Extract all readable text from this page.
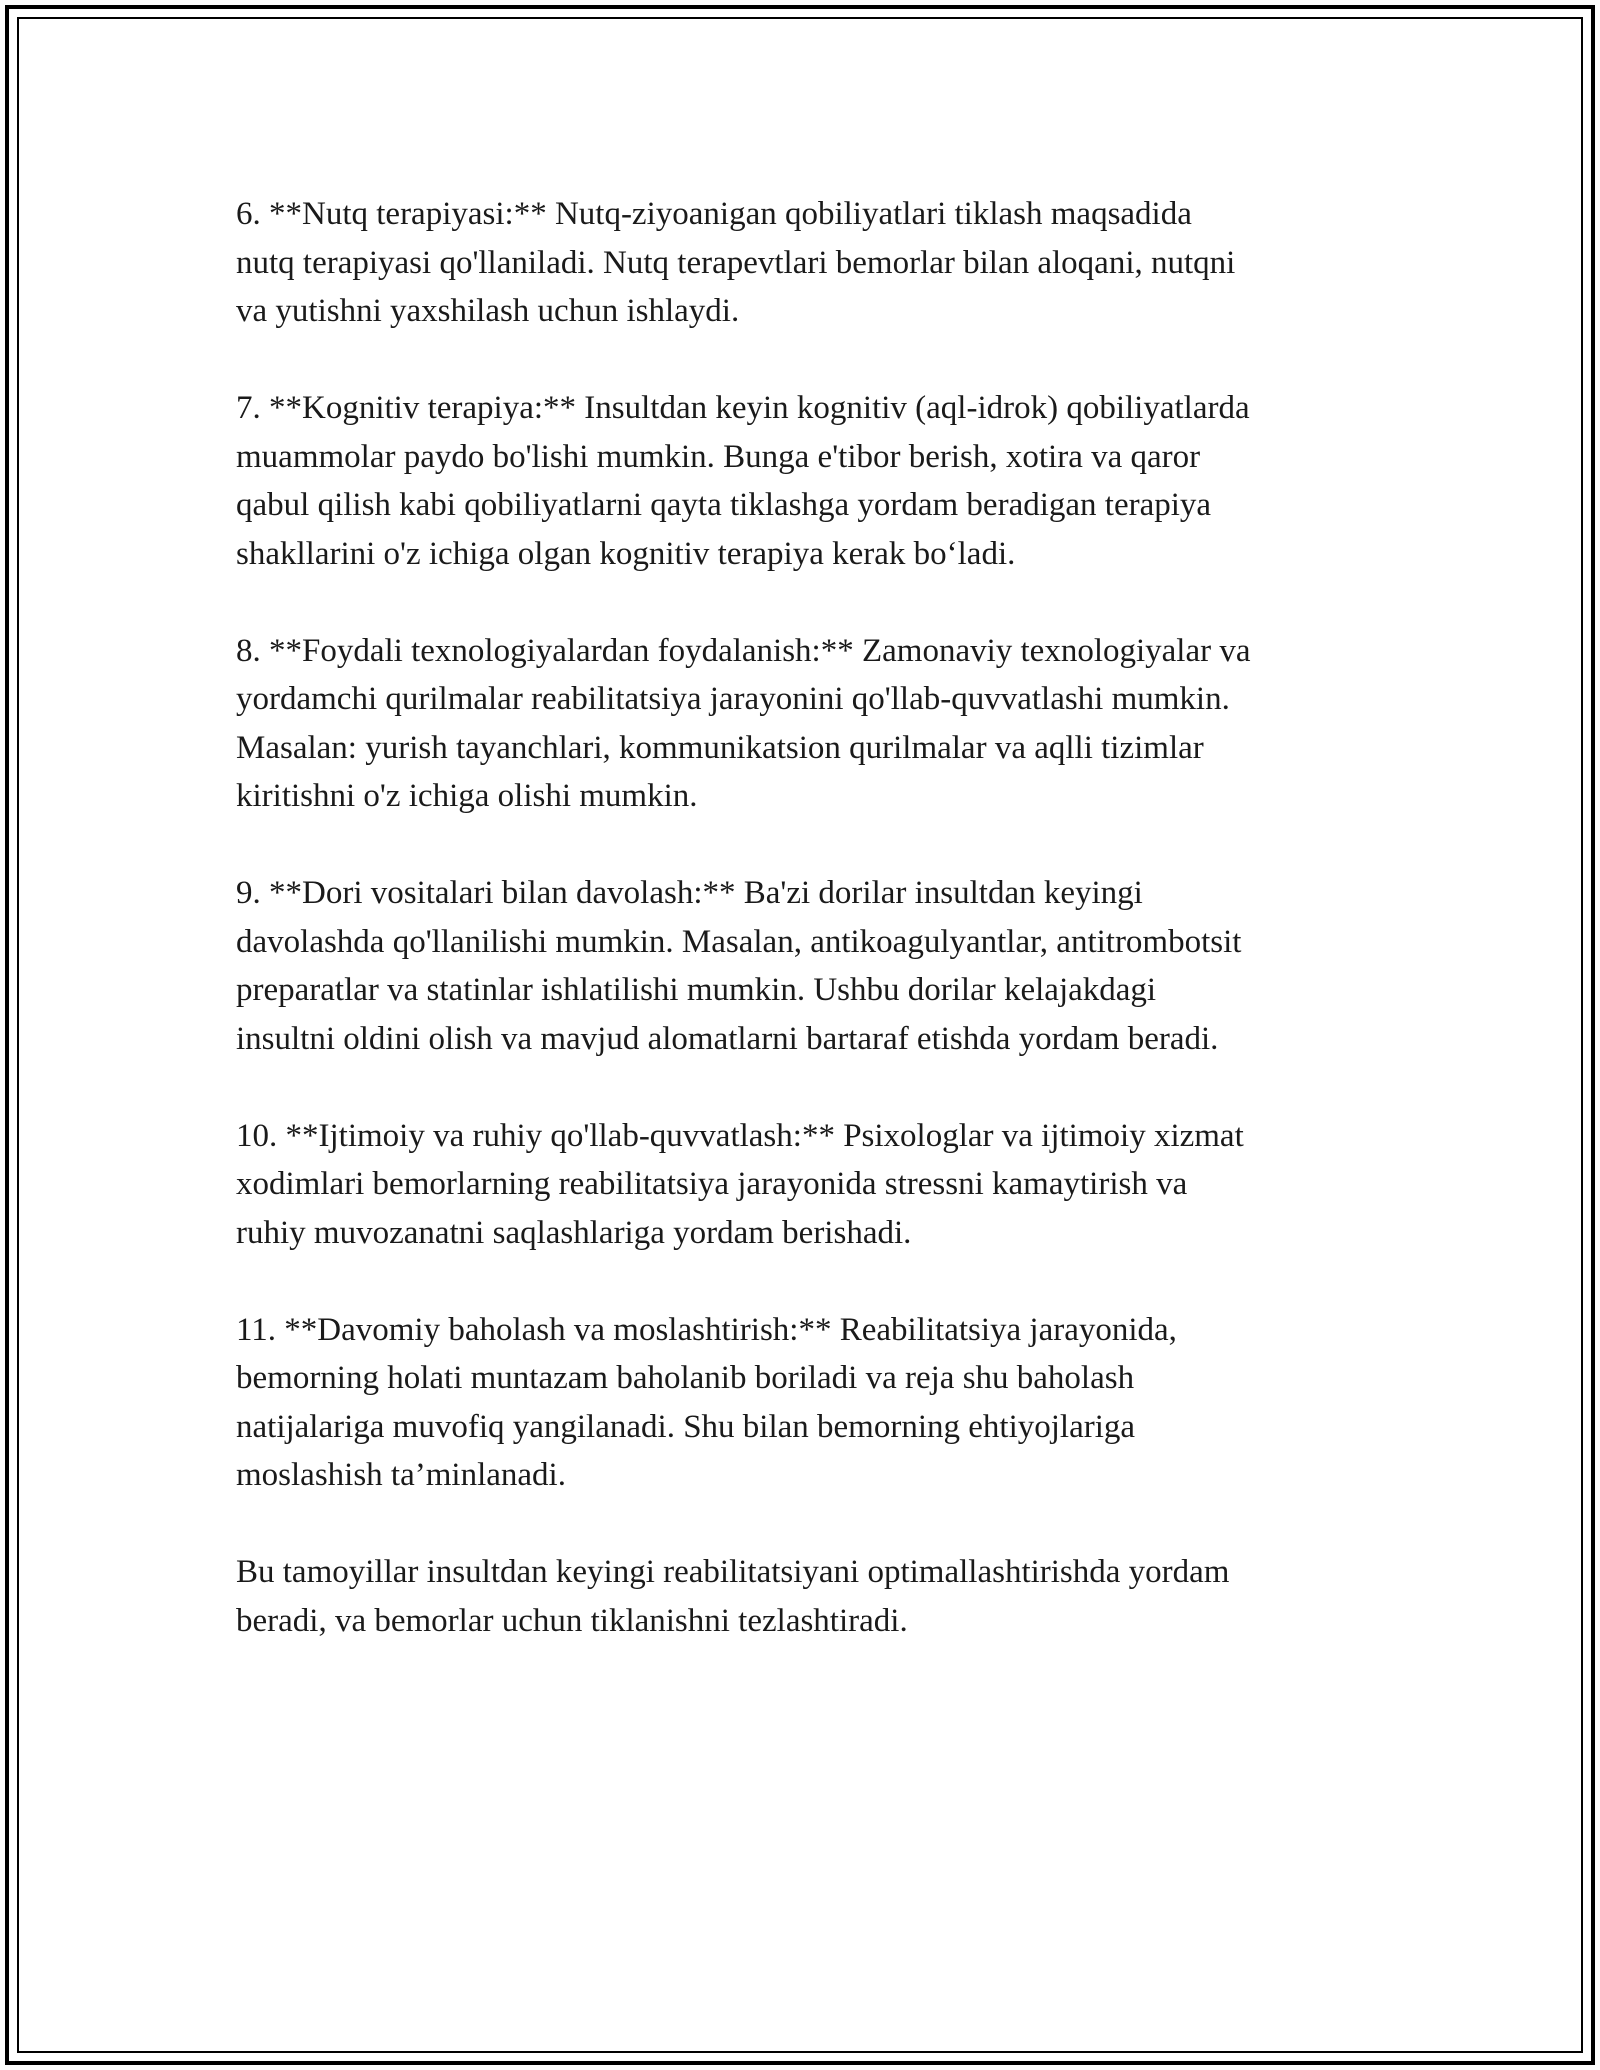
6. **Nutq terapiyasi:** Nutq-ziyoanigan qobiliyatlari tiklash maqsadida
nutq terapiyasi qo'llaniladi. Nutq terapevtlari bemorlar bilan aloqani, nutqni
va yutishni yaxshilash uchun ishlaydi.

7. **Kognitiv terapiya:** Insultdan keyin kognitiv (aql-idrok) qobiliyatlarda
muammolar paydo bo'lishi mumkin. Bunga e'tibor berish, xotira va qaror
qabul qilish kabi qobiliyatlarni qayta tiklashga yordam beradigan terapiya
shakllarini o'z ichiga olgan kognitiv terapiya kerak bo‘ladi.

8. **Foydali texnologiyalardan foydalanish:** Zamonaviy texnologiyalar va
yordamchi qurilmalar reabilitatsiya jarayonini qo'llab-quvvatlashi mumkin.
Masalan: yurish tayanchlari, kommunikatsion qurilmalar va aqlli tizimlar
kiritishni o'z ichiga olishi mumkin.

9. **Dori vositalari bilan davolash:** Ba'zi dorilar insultdan keyingi
davolashda qo'llanilishi mumkin. Masalan, antikoagulyantlar, antitrombotsit
preparatlar va statinlar ishlatilishi mumkin. Ushbu dorilar kelajakdagi
insultni oldini olish va mavjud alomatlarni bartaraf etishda yordam beradi.

10. **Ijtimoiy va ruhiy qo'llab-quvvatlash:** Psixologlar va ijtimoiy xizmat
xodimlari bemorlarning reabilitatsiya jarayonida stressni kamaytirish va
ruhiy muvozanatni saqlashlariga yordam berishadi.

11. **Davomiy baholash va moslashtirish:** Reabilitatsiya jarayonida,
bemorning holati muntazam baholanib boriladi va reja shu baholash
natijalariga muvofiq yangilanadi. Shu bilan bemorning ehtiyojlariga
moslashish ta’minlanadi.

Bu tamoyillar insultdan keyingi reabilitatsiyani optimallashtirishda yordam
beradi, va bemorlar uchun tiklanishni tezlashtiradi.
